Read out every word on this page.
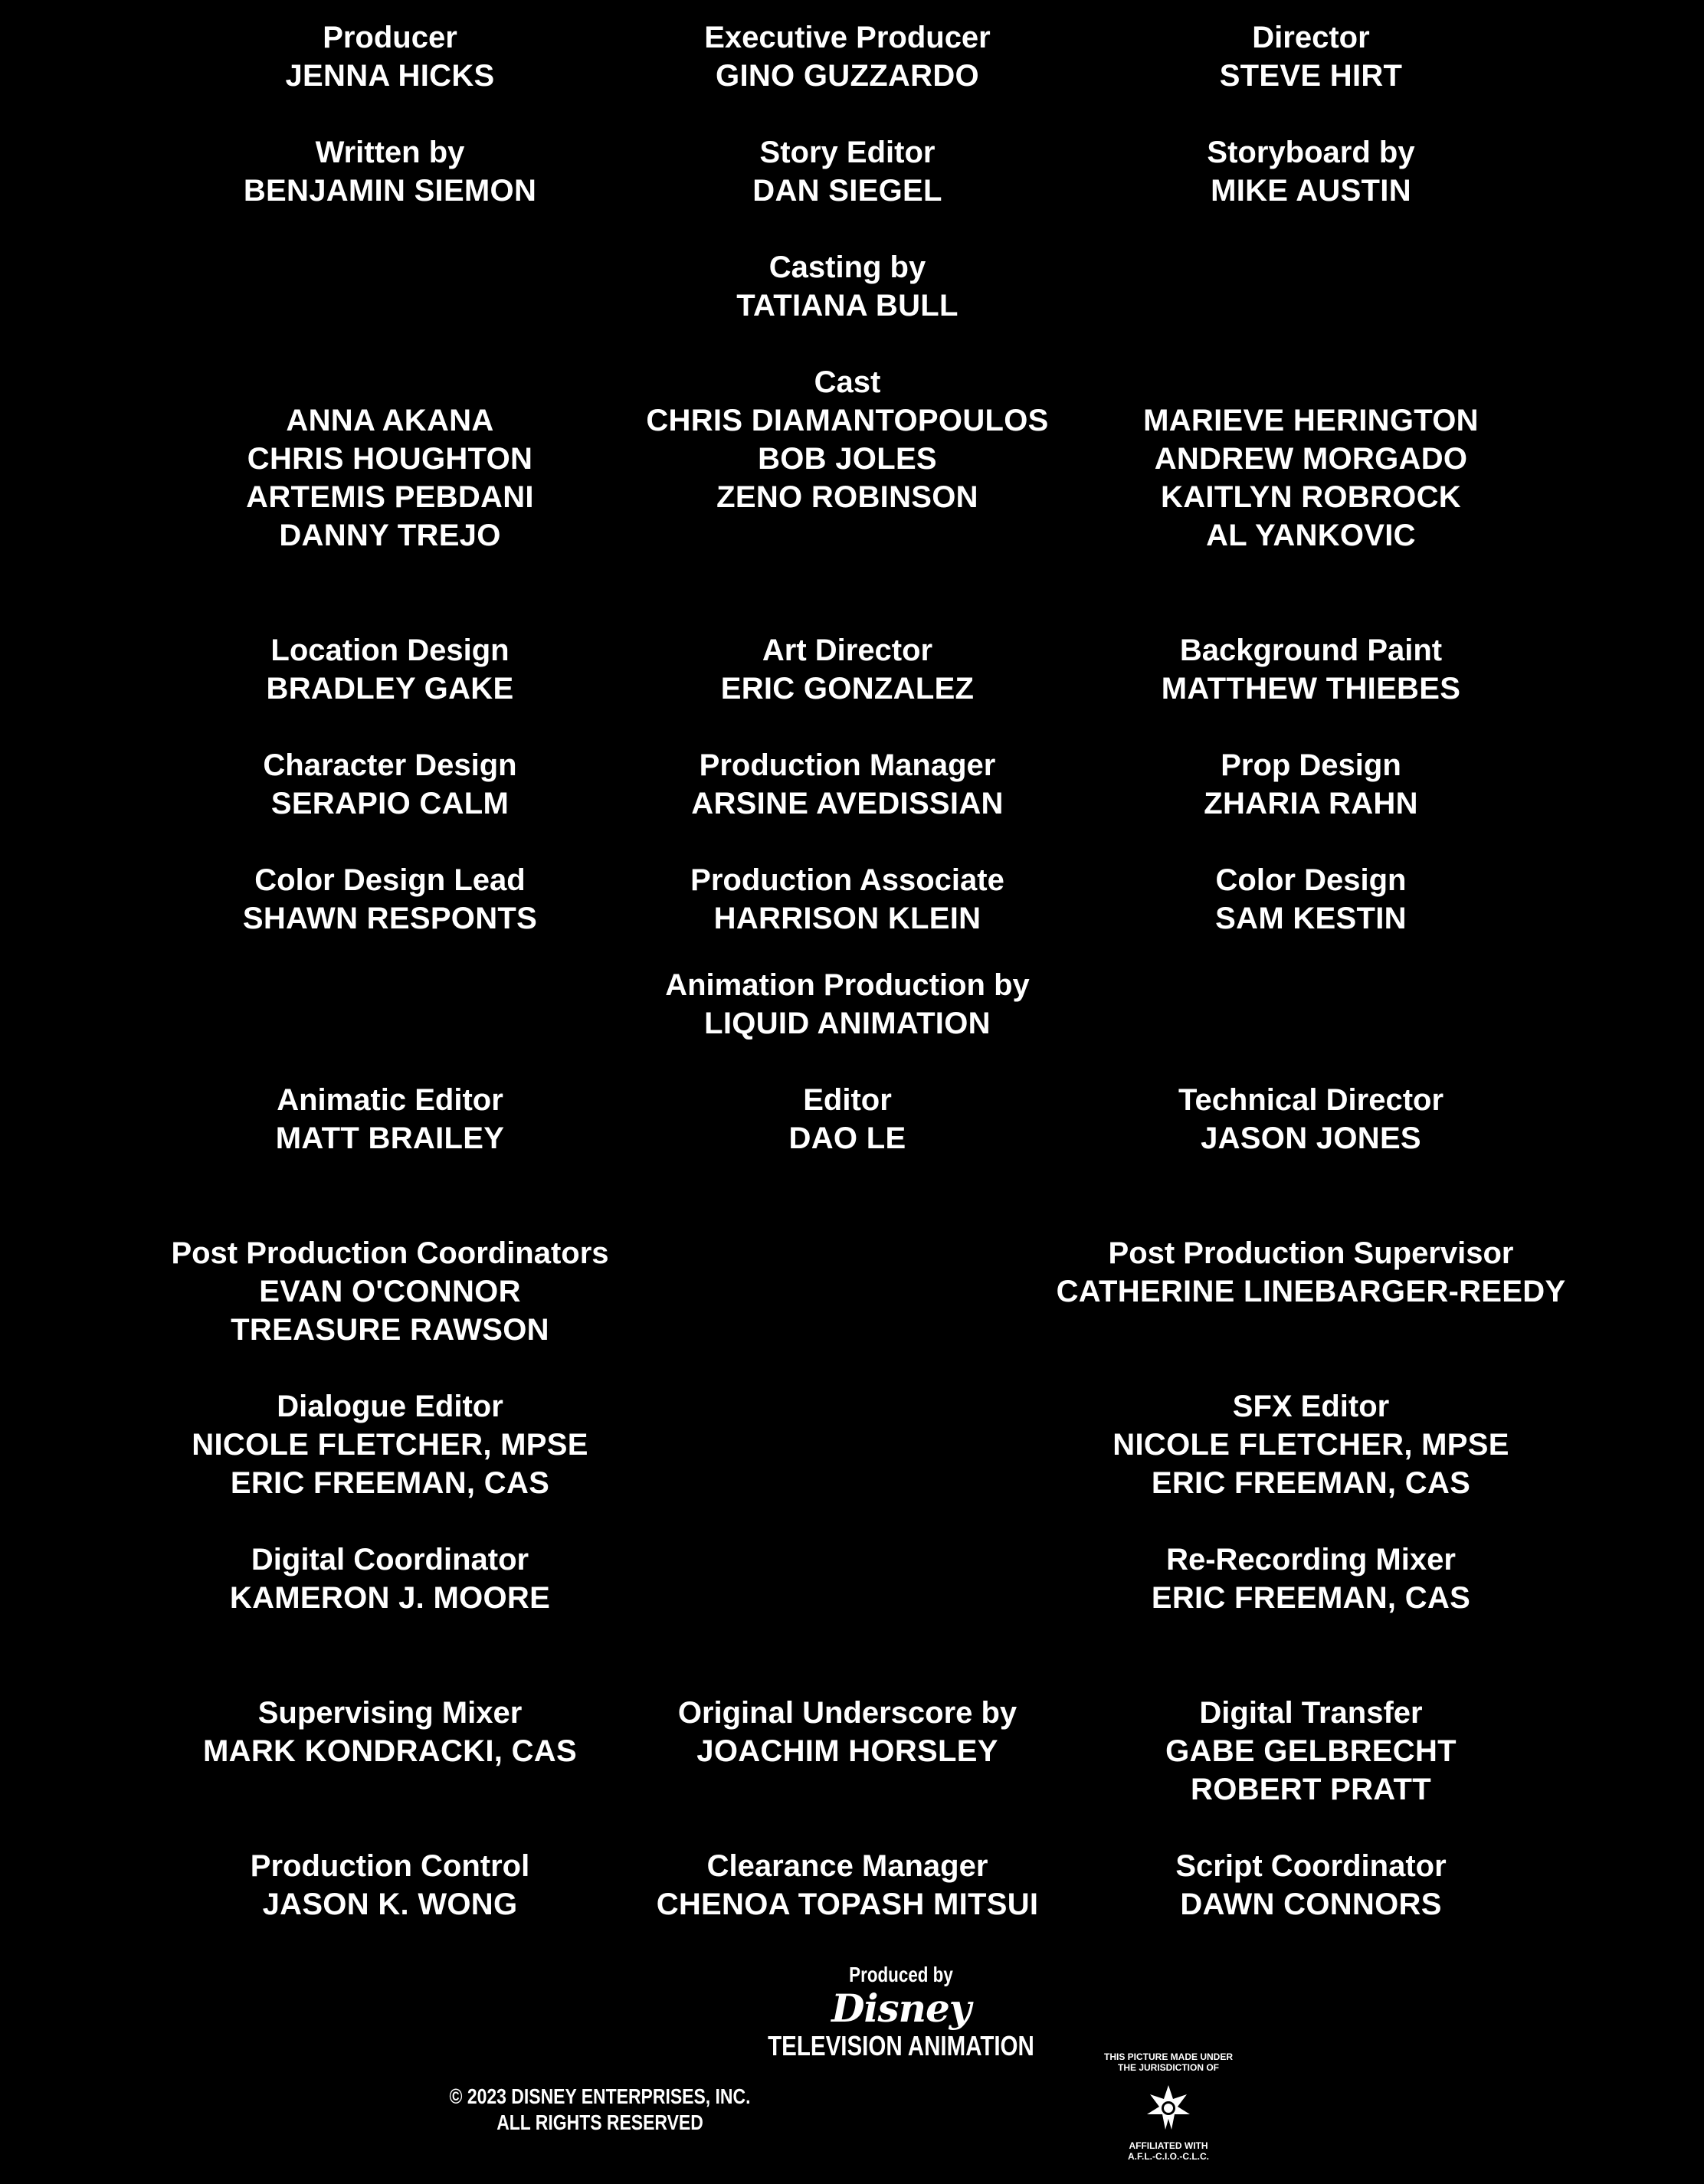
Producer
JENNA HICKS
Executive Producer
GINO GUZZARDO
Director
STEVE HIRT
Written by
BENJAMIN SIEMON
Story Editor
DAN SIEGEL
Storyboard by
MIKE AUSTIN
Casting by
TATIANA BULL
Cast
CHRIS DIAMANTOPOULOS
BOB JOLES
ZENO ROBINSON
ANNA AKANA
CHRIS HOUGHTON
ARTEMIS PEBDANI
DANNY TREJO
MARIEVE HERINGTON
ANDREW MORGADO
KAITLYN ROBROCK
AL YANKOVIC
Location Design
BRADLEY GAKE
Art Director
ERIC GONZALEZ
Background Paint
MATTHEW THIEBES
Character Design
SERAPIO CALM
Production Manager
ARSINE AVEDISSIAN
Prop Design
ZHARIA RAHN
Color Design Lead
SHAWN RESPONTS
Production Associate
HARRISON KLEIN
Color Design
SAM KESTIN
Animation Production by
LIQUID ANIMATION
Animatic Editor
MATT BRAILEY
Editor
DAO LE
Technical Director
JASON JONES
Post Production Coordinators
EVAN O'CONNOR
TREASURE RAWSON
Post Production Supervisor
CATHERINE LINEBARGER-REEDY
Dialogue Editor
NICOLE FLETCHER, MPSE
ERIC FREEMAN, CAS
SFX Editor
NICOLE FLETCHER, MPSE
ERIC FREEMAN, CAS
Digital Coordinator
KAMERON J. MOORE
Re-Recording Mixer
ERIC FREEMAN, CAS
Supervising Mixer
MARK KONDRACKI, CAS
Original Underscore by
JOACHIM HORSLEY
Digital Transfer
GABE GELBRECHT
ROBERT PRATT
Production Control
JASON K. WONG
Clearance Manager
CHENOA TOPASH MITSUI
Script Coordinator
DAWN CONNORS
Produced by
Disney
TELEVISION ANIMATION
© 2023 DISNEY ENTERPRISES, INC.
ALL RIGHTS RESERVED
THIS PICTURE MADE UNDER
THE JURISDICTION OF
AFFILIATED WITH
A.F.L.-C.I.O.-C.L.C.
